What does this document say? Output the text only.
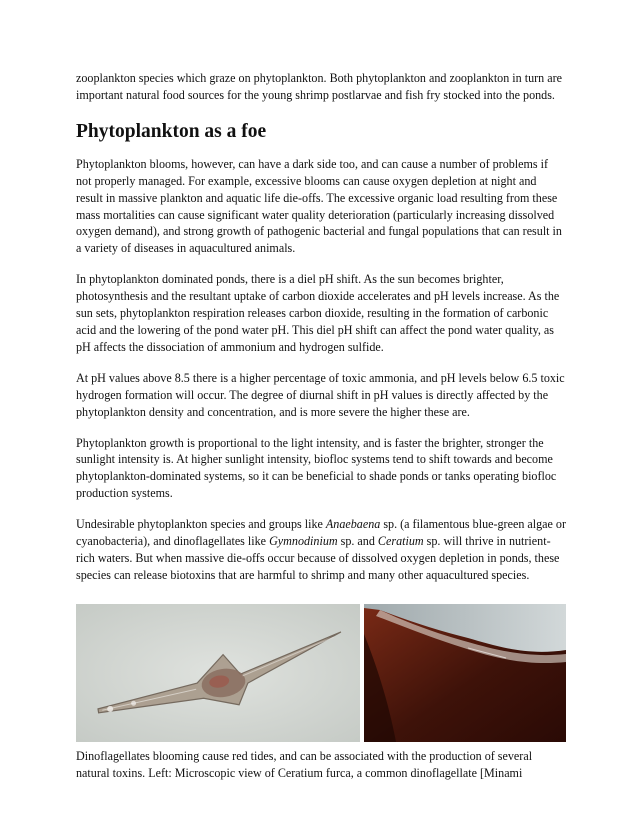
zooplankton species which graze on phytoplankton. Both phytoplankton and zooplankton in turn are important natural food sources for the young shrimp postlarvae and fish fry stocked into the ponds.

Phytoplankton as a foe

Phytoplankton blooms, however, can have a dark side too, and can cause a number of problems if not properly managed. For example, excessive blooms can cause oxygen depletion at night and result in massive plankton and aquatic life die-offs. The excessive organic load resulting from these mass mortalities can cause significant water quality deterioration (particularly increasing dissolved oxygen demand), and strong growth of pathogenic bacterial and fungal populations that can result in a variety of diseases in aquacultured animals.

In phytoplankton dominated ponds, there is a diel pH shift. As the sun becomes brighter, photosynthesis and the resultant uptake of carbon dioxide accelerates and pH levels increase. As the sun sets, phytoplankton respiration releases carbon dioxide, resulting in the formation of carbonic acid and the lowering of the pond water pH. This diel pH shift can affect the pond water quality, as pH affects the dissociation of ammonium and hydrogen sulfide.

At pH values above 8.5 there is a higher percentage of toxic ammonia, and pH levels below 6.5 toxic hydrogen formation will occur. The degree of diurnal shift in pH values is directly affected by the phytoplankton density and concentration, and is more severe the higher these are.

Phytoplankton growth is proportional to the light intensity, and is faster the brighter, stronger the sunlight intensity is. At higher sunlight intensity, biofloc systems tend to shift towards and become phytoplankton-dominated systems, so it can be beneficial to shade ponds or tanks operating biofloc production systems.

Undesirable phytoplankton species and groups like Anaebaena sp. (a filamentous blue-green algae or cyanobacteria), and dinoflagellates like Gymnodinium sp. and Ceratium sp. will thrive in nutrient-rich waters. But when massive die-offs occur because of dissolved oxygen depletion in ponds, these species can release biotoxins that are harmful to shrimp and many other aquacultured species.

Dinoflagellates blooming cause red tides, and can be associated with the production of several natural toxins. Left: Microscopic view of Ceratium furca, a common dinoflagellate [Minami
